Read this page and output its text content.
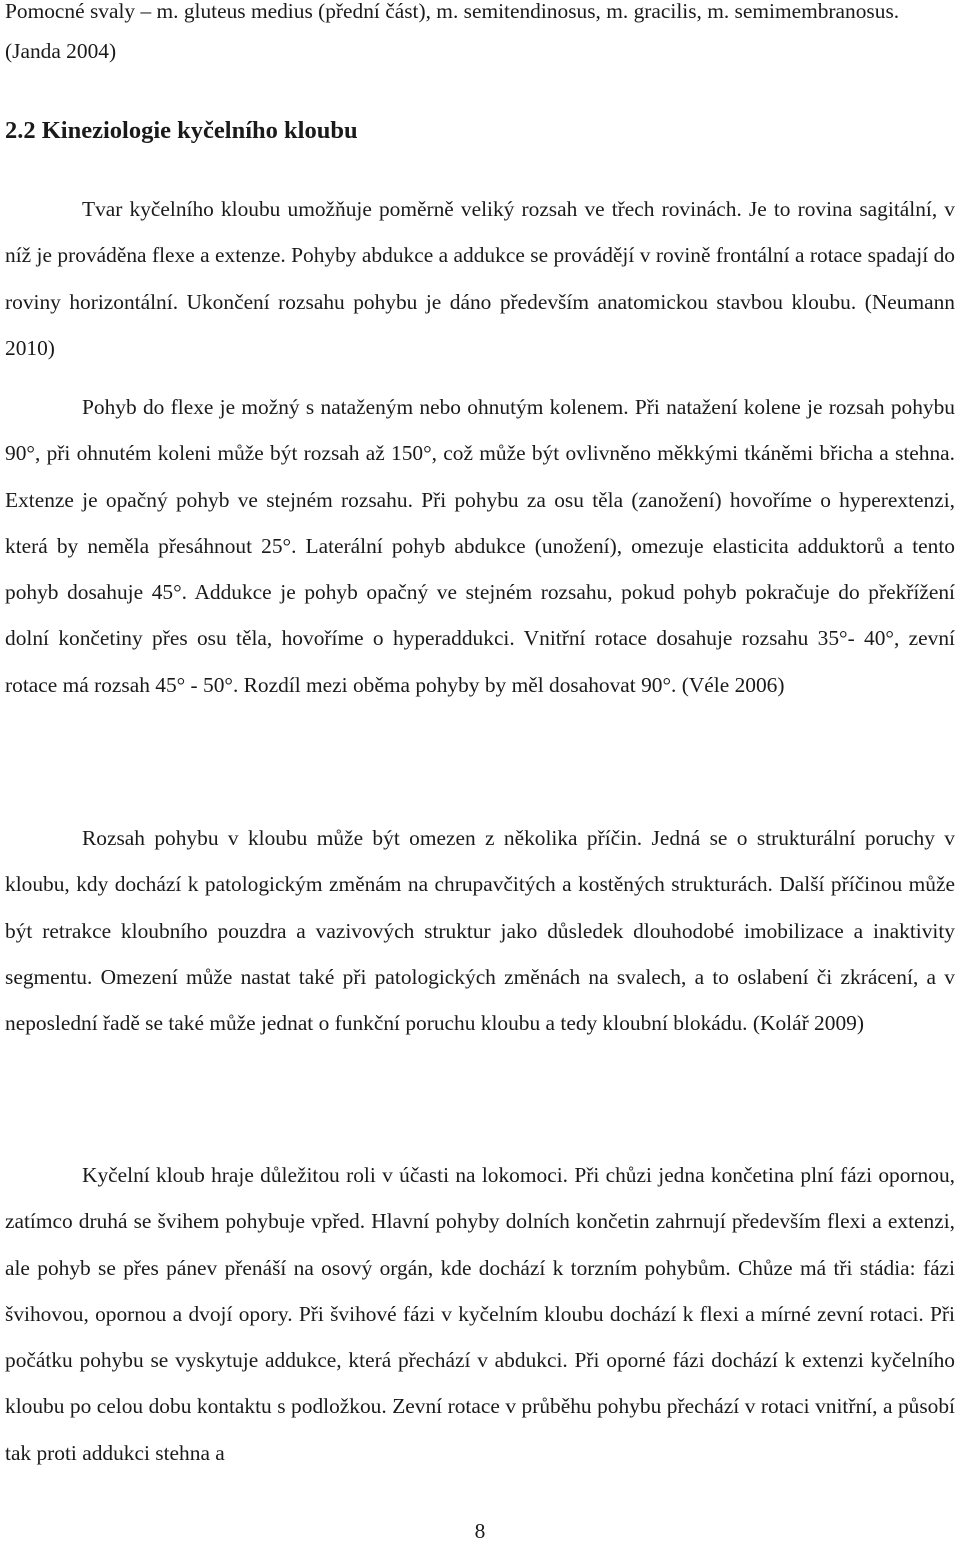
Pomocné svaly – m. gluteus medius (přední část), m. semitendinosus, m. gracilis, m. semimembranosus. (Janda 2004)

2.2 Kineziologie kyčelního kloubu

Tvar kyčelního kloubu umožňuje poměrně veliký rozsah ve třech rovinách. Je to rovina sagitální, v níž je prováděna flexe a extenze. Pohyby abdukce a addukce se provádějí v rovině frontální a rotace spadají do roviny horizontální. Ukončení rozsahu pohybu je dáno především anatomickou stavbou kloubu. (Neumann 2010)

Pohyb do flexe je možný s nataženým nebo ohnutým kolenem. Při natažení kolene je rozsah pohybu 90°, při ohnutém koleni může být rozsah až 150°, což může být ovlivněno měkkými tkáněmi břicha a stehna. Extenze je opačný pohyb ve stejném rozsahu. Při pohybu za osu těla (zanožení) hovoříme o hyperextenzi, která by neměla přesáhnout 25°. Laterální pohyb abdukce (unožení), omezuje elasticita adduktorů a tento pohyb dosahuje 45°. Addukce je pohyb opačný ve stejném rozsahu, pokud pohyb pokračuje do překřížení dolní končetiny přes osu těla, hovoříme o hyperaddukci. Vnitřní rotace dosahuje rozsahu 35°- 40°, zevní rotace má rozsah 45° - 50°. Rozdíl mezi oběma pohyby by měl dosahovat 90°. (Véle 2006)

Rozsah pohybu v kloubu může být omezen z několika příčin. Jedná se o strukturální poruchy v kloubu, kdy dochází k patologickým změnám na chrupavčitých a kostěných strukturách. Další příčinou může být retrakce kloubního pouzdra a vazivových struktur jako důsledek dlouhodobé imobilizace a inaktivity segmentu. Omezení může nastat také při patologických změnách na svalech, a to oslabení či zkrácení, a v neposlední řadě se také může jednat o funkční poruchu kloubu a tedy kloubní blokádu. (Kolář 2009)

Kyčelní kloub hraje důležitou roli v účasti na lokomoci. Při chůzi jedna končetina plní fázi opornou, zatímco druhá se švihem pohybuje vpřed. Hlavní pohyby dolních končetin zahrnují především flexi a extenzi, ale pohyb se přes pánev přenáší na osový orgán, kde dochází k torzním pohybům. Chůze má tři stádia: fázi švihovou, opornou a dvojí opory. Při švihové fázi v kyčelním kloubu dochází k flexi a mírné zevní rotaci. Při počátku pohybu se vyskytuje addukce, která přechází v abdukci. Při oporné fázi dochází k extenzi kyčelního kloubu po celou dobu kontaktu s podložkou. Zevní rotace v průběhu pohybu přechází v rotaci vnitřní, a působí tak proti addukci stehna a

8
